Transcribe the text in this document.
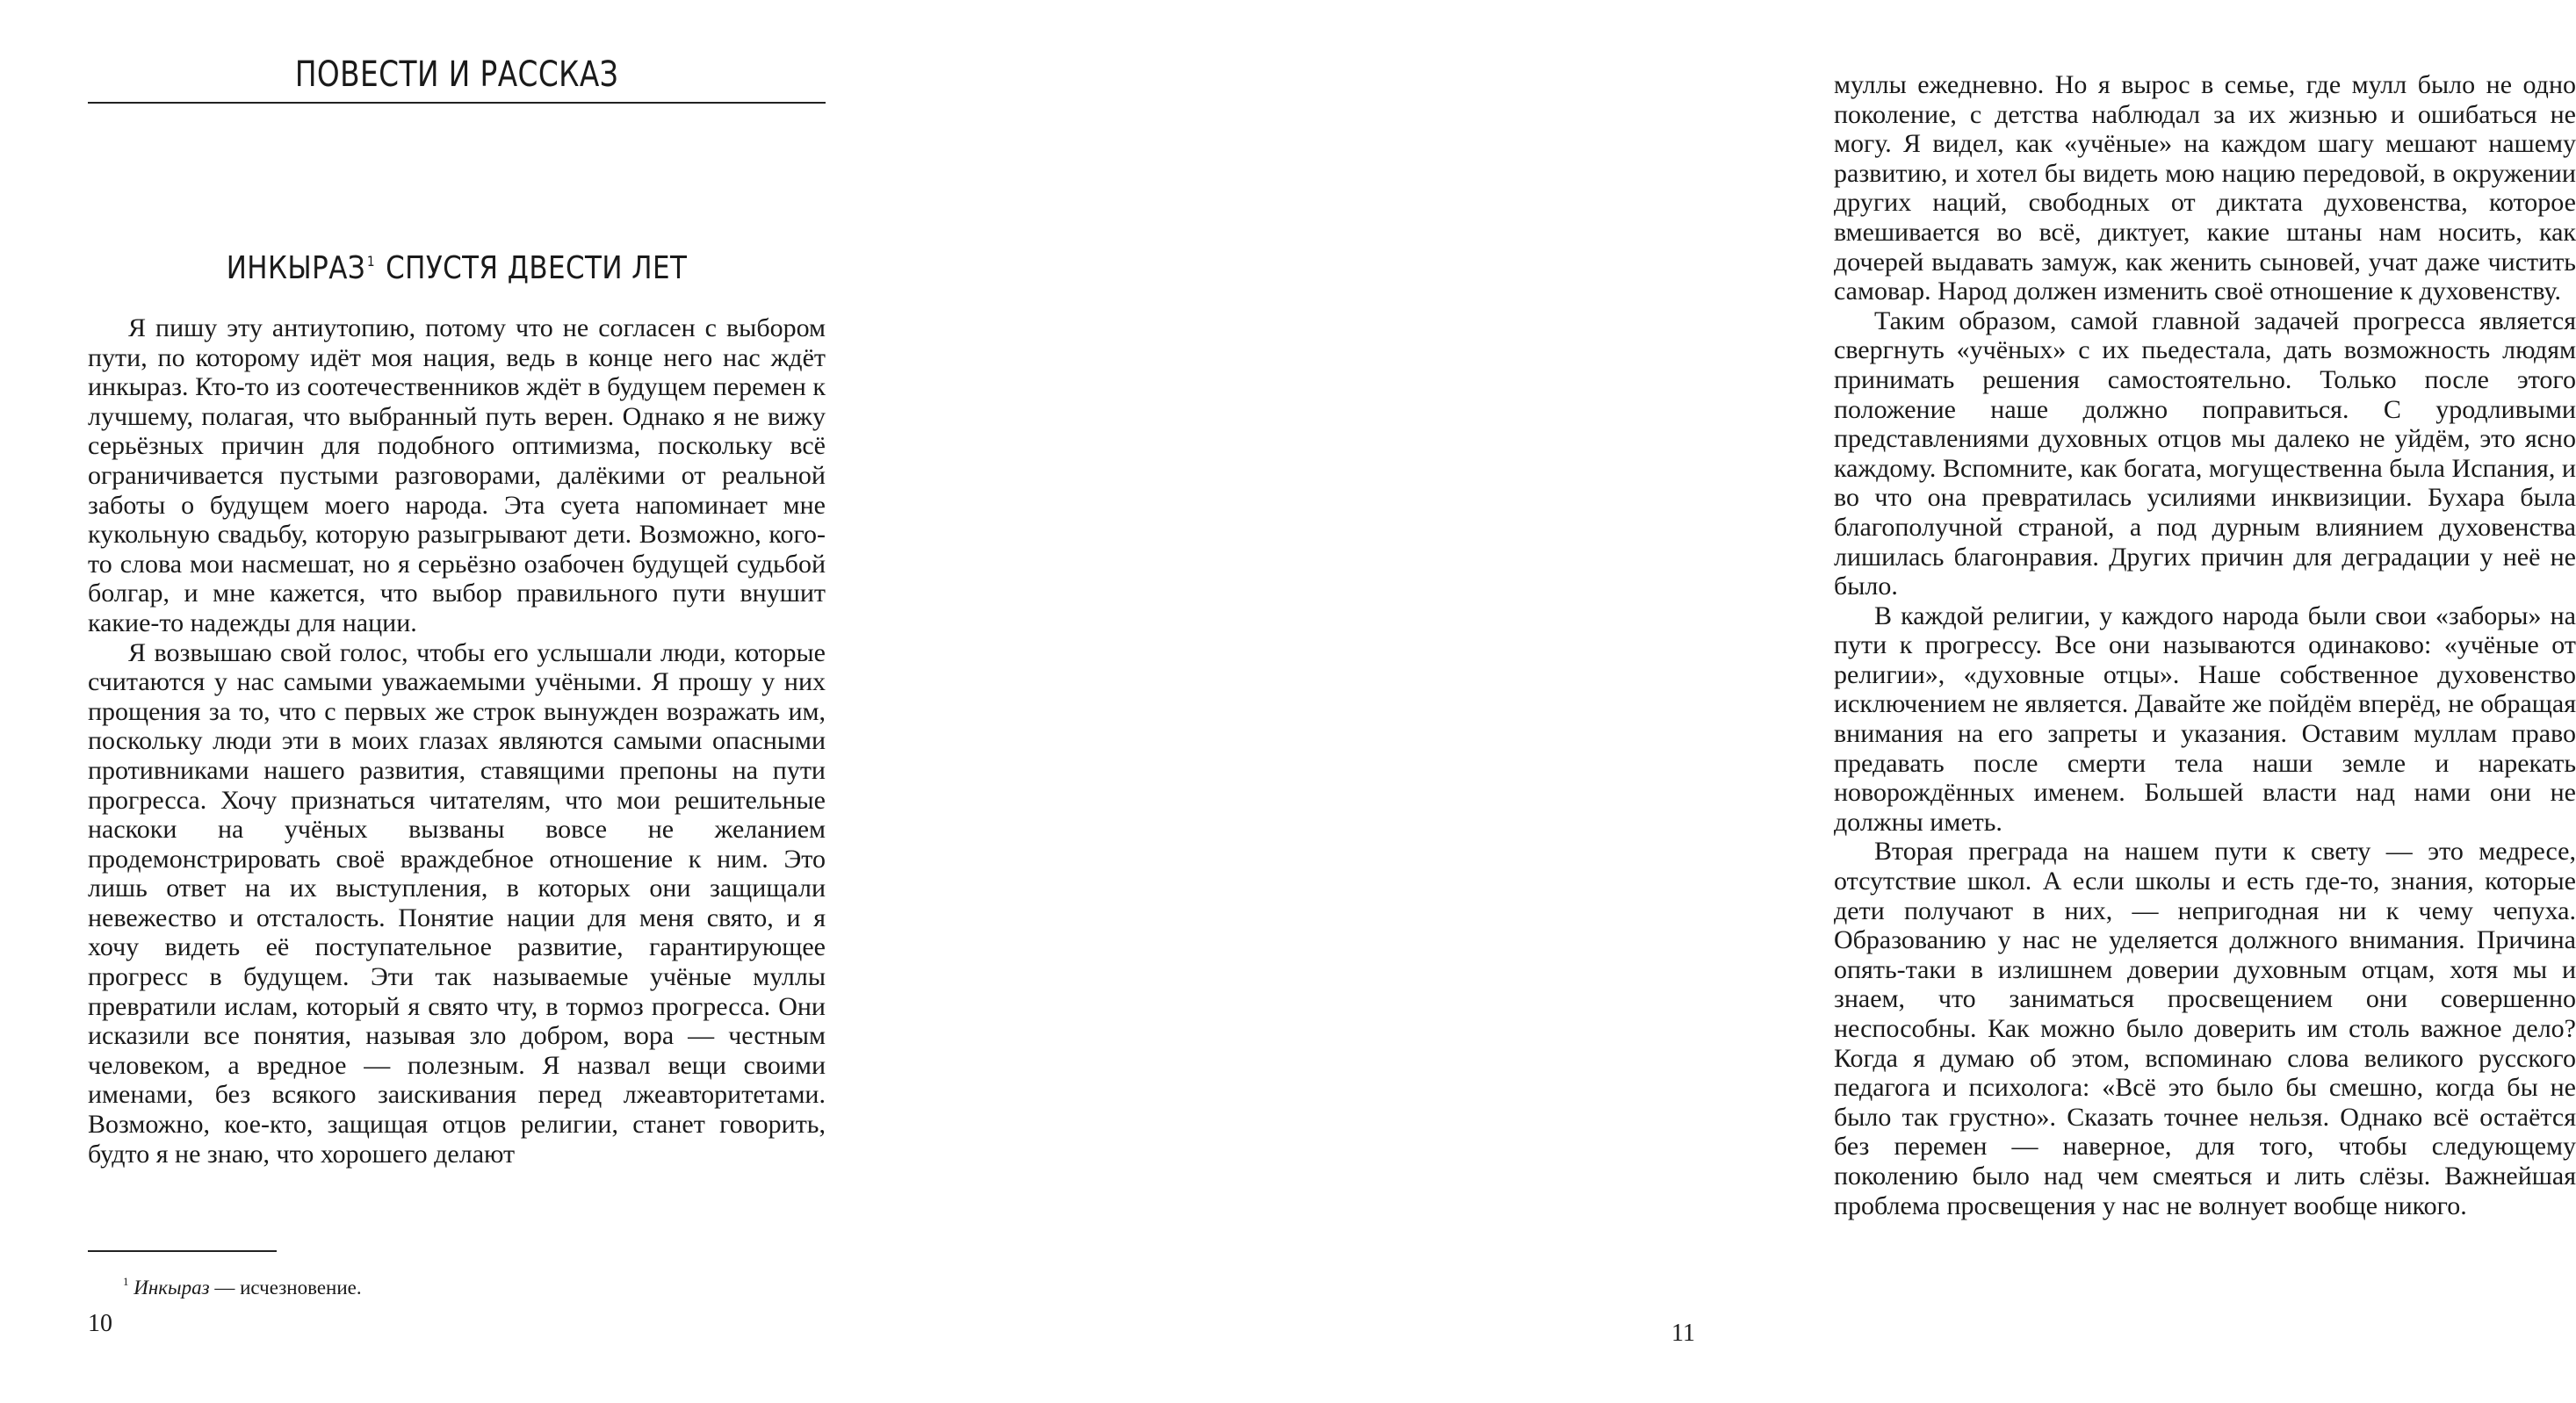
ПОВЕСТИ И РАССКАЗ
ИНКЫРАЗ $^1$ СПУСТЯ ДВЕСТИ ЛЕТ

Я пишу эту антиутопию, потому что не согласен с выбором пути, по которому идёт моя нация, ведь в конце него нас ждёт инкыраз. Кто-то из соотечественников ждёт в будущем перемен к лучшему, полагая, что выбранный путь верен. Однако я не вижу серьёзных причин для подобного оптимизма, поскольку всё ограничивается пустыми разговорами, далёкими от реальной заботы о будущем моего народа. Эта суета напоминает мне кукольную свадьбу, которую разыгрывают дети. Возможно, кого-то слова мои насмешат, но я серьёзно озабочен будущей судьбой болгар, и мне кажется, что выбор правильного пути внушит какие-то надежды для нации.

Я возвышаю свой голос, чтобы его услышали люди, которые считаются у нас самыми уважаемыми учёными. Я прошу у них прощения за то, что с первых же строк вынужден возражать им, поскольку люди эти в моих глазах являются самыми опасными противниками нашего развития, ставящими препоны на пути прогресса. Хочу признаться читателям, что мои решительные наскоки на учёных вызваны вовсе не желанием продемонстрировать своё враждебное отношение к ним. Это лишь ответ на их выступления, в которых они защищали невежество и отсталость. Понятие нации для меня свято, и я хочу видеть её поступательное развитие, гарантирующее прогресс в будущем. Эти так называемые учёные муллы превратили ислам, который я свято чту, в тормоз прогресса. Они исказили все понятия, называя зло добром, вора — честным человеком, а вредное — полезным. Я назвал вещи своими именами, без всякого заискивания перед лжеавторитетами. Возможно, кое-кто, защищая отцов религии, станет говорить, будто я не знаю, что хорошего делают

$^1$ Инкыраз — исчезновение.
10

муллы ежедневно. Но я вырос в семье, где мулл было не одно поколение, с детства наблюдал за их жизнью и ошибаться не могу. Я видел, как «учёные» на каждом шагу мешают нашему развитию, и хотел бы видеть мою нацию передовой, в окружении других наций, свободных от диктата духовенства, которое вмешивается во всё, диктует, какие штаны нам носить, как дочерей выдавать замуж, как женить сыновей, учат даже чистить самовар. Народ должен изменить своё отношение к духовенству.

Таким образом, самой главной задачей прогресса является свергнуть «учёных» с их пьедестала, дать возможность людям принимать решения самостоятельно. Только после этого положение наше должно поправиться. С уродливыми представлениями духовных отцов мы далеко не уйдём, это ясно каждому. Вспомните, как богата, могущественна была Испания, и во что она превратилась усилиями инквизиции. Бухара была благополучной страной, а под дурным влиянием духовенства лишилась благонравия. Других причин для деградации у неё не было.

В каждой религии, у каждого народа были свои «заборы» на пути к прогрессу. Все они называются одинаково: «учёные от религии», «духовные отцы». Наше собственное духовенство исключением не является. Давайте же пойдём вперёд, не обращая внимания на его запреты и указания. Оставим муллам право предавать после смерти тела наши земле и нарекать новорождённых именем. Большей власти над нами они не должны иметь.

Вторая преграда на нашем пути к свету — это медресе, отсутствие школ. А если школы и есть где-то, знания, которые дети получают в них, — непригодная ни к чему чепуха. Образованию у нас не уделяется должного внимания. Причина опять-таки в излишнем доверии духовным отцам, хотя мы и знаем, что заниматься просвещением они совершенно неспособны. Как можно было доверить им столь важное дело? Когда я думаю об этом, вспоминаю слова великого русского педагога и психолога: «Всё это было бы смешно, когда бы не было так грустно». Сказать точнее нельзя. Однако всё остаётся без перемен — наверное, для того, чтобы следующему поколению было над чем смеяться и лить слёзы. Важнейшая проблема просвещения у нас не волнует вообще никого.

11
